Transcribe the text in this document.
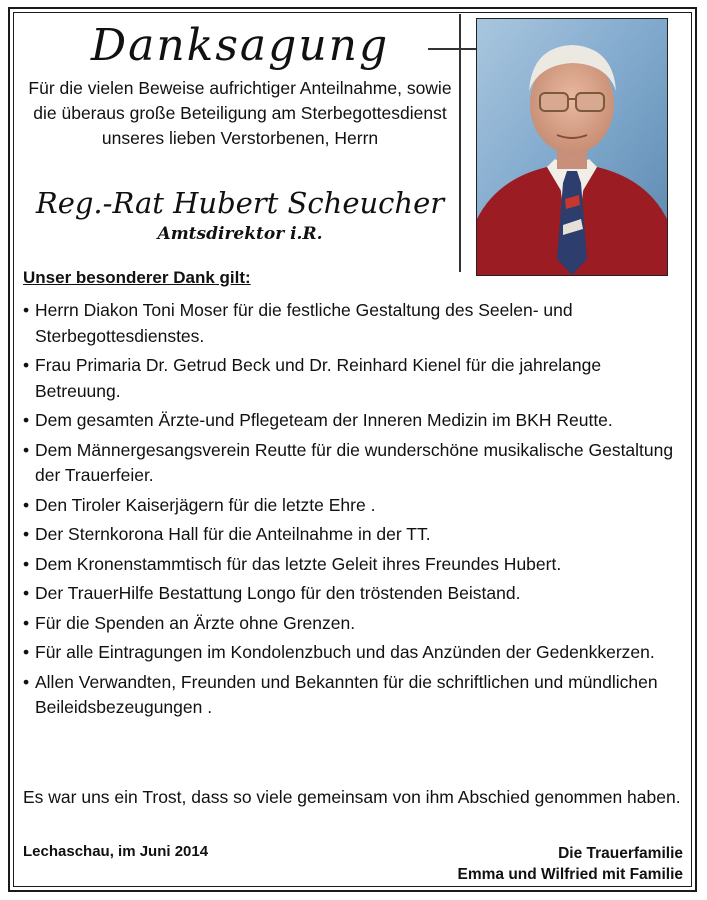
Danksagung

Für die vielen Beweise aufrichtiger Anteilnahme, sowie die überaus große Beteiligung am Sterbegottesdienst unseres lieben Verstorbenen, Herrn

Reg.-Rat Hubert Scheucher

Amtsdirektor i.R.

Unser besonderer Dank gilt:

• Herrn Diakon Toni Moser für die festliche Gestaltung des Seelen- und Sterbegottesdienstes.
• Frau Primaria Dr. Getrud Beck und Dr. Reinhard Kienel für die jahrelange Betreuung.
• Dem gesamten Ärzte-und Pflegeteam der Inneren Medizin im BKH Reutte.
• Dem Männergesangsverein Reutte für die wunderschöne musikalische Gestaltung der Trauerfeier.
• Den Tiroler Kaiserjägern für die letzte Ehre .
• Der Sternkorona Hall für die Anteilnahme in der TT.
• Dem Kronenstammtisch für das letzte Geleit ihres Freundes Hubert.
• Der TrauerHilfe Bestattung Longo für den tröstenden Beistand.
• Für die Spenden an Ärzte ohne Grenzen.
• Für alle Eintragungen im Kondolenzbuch und das Anzünden der Gedenkkerzen.
• Allen Verwandten, Freunden und Bekannten für die schriftlichen und mündlichen Beileidsbezeugungen .

Es war uns ein Trost, dass so viele gemeinsam von ihm Abschied genommen haben.

Lechaschau, im Juni 2014	Die Trauerfamilie
Emma und Wilfried mit Familie
